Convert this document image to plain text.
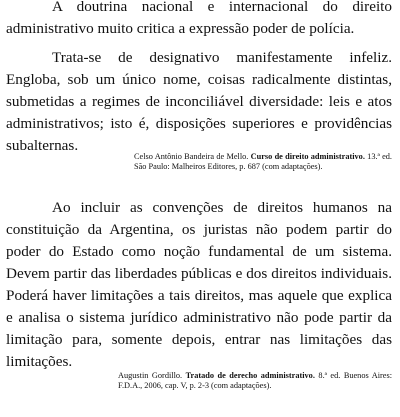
A doutrina nacional e internacional do direito administrativo muito critica a expressão poder de polícia.

Trata-se de designativo manifestamente infeliz. Engloba, sob um único nome, coisas radicalmente distintas, submetidas a regimes de inconciliável diversidade: leis e atos administrativos; isto é, disposições superiores e providências subalternas.

Celso Antônio Bandeira de Mello. Curso de direito administrativo. 13.ª ed. São Paulo: Malheiros Editores, p. 687 (com adaptações).

Ao incluir as convenções de direitos humanos na constituição da Argentina, os juristas não podem partir do poder do Estado como noção fundamental de um sistema. Devem partir das liberdades públicas e dos direitos individuais. Poderá haver limitações a tais direitos, mas aquele que explica e analisa o sistema jurídico administrativo não pode partir da limitação para, somente depois, entrar nas limitações das limitações.

Augustin Gordillo. Tratado de derecho administrativo. 8.ª ed. Buenos Aires: F.D.A., 2006, cap. V, p. 2-3 (com adaptações).
